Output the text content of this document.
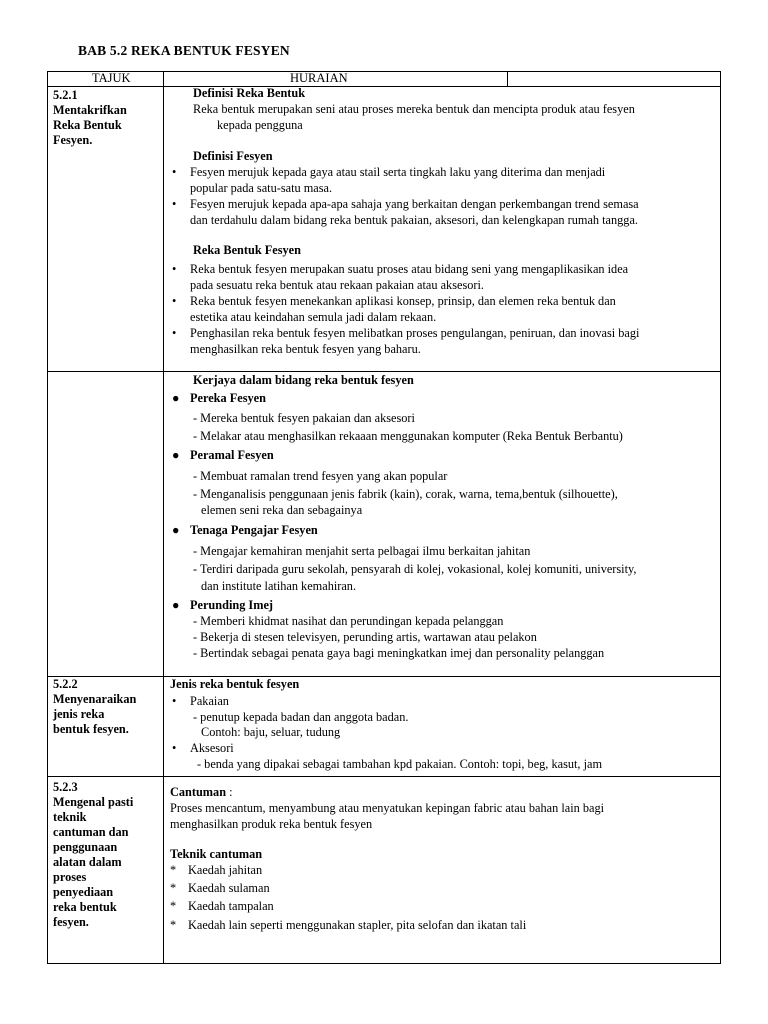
BAB 5.2 REKA BENTUK FESYEN
TAJUK	HURAIAN
5.2.1
Mentakrifkan
Reka Bentuk
Fesyen.
Definisi Reka Bentuk
Reka bentuk merupakan seni atau proses mereka bentuk dan mencipta produk atau fesyen
kepada pengguna
Definisi Fesyen
• Fesyen merujuk kepada gaya atau stail serta tingkah laku yang diterima dan menjadi
popular pada satu-satu masa.
• Fesyen merujuk kepada apa-apa sahaja yang berkaitan dengan perkembangan trend semasa
dan terdahulu dalam bidang reka bentuk pakaian, aksesori, dan kelengkapan rumah tangga.
Reka Bentuk Fesyen
• Reka bentuk fesyen merupakan suatu proses atau bidang seni yang mengaplikasikan idea
pada sesuatu reka bentuk atau rekaan pakaian atau aksesori.
• Reka bentuk fesyen menekankan aplikasi konsep, prinsip, dan elemen reka bentuk dan
estetika atau keindahan semula jadi dalam rekaan.
• Penghasilan reka bentuk fesyen melibatkan proses pengulangan, peniruan, dan inovasi bagi
menghasilkan reka bentuk fesyen yang baharu.
Kerjaya dalam bidang reka bentuk fesyen
● Pereka Fesyen
- Mereka bentuk fesyen pakaian dan aksesori
- Melakar atau menghasilkan rekaaan menggunakan komputer (Reka Bentuk Berbantu)
● Peramal Fesyen
- Membuat ramalan trend fesyen yang akan popular
- Menganalisis penggunaan jenis fabrik (kain), corak, warna, tema,bentuk (silhouette),
elemen seni reka dan sebagainya
● Tenaga Pengajar Fesyen
- Mengajar kemahiran menjahit serta pelbagai ilmu berkaitan jahitan
- Terdiri daripada guru sekolah, pensyarah di kolej, vokasional, kolej komuniti, university,
dan institute latihan kemahiran.
● Perunding Imej
- Memberi khidmat nasihat dan perundingan kepada pelanggan
- Bekerja di stesen televisyen, perunding artis, wartawan atau pelakon
- Bertindak sebagai penata gaya bagi meningkatkan imej dan personality pelanggan
5.2.2
Menyenaraikan
jenis reka
bentuk fesyen.
Jenis reka bentuk fesyen
• Pakaian
- penutup kepada badan dan anggota badan.
Contoh: baju, seluar, tudung
• Aksesori
- benda yang dipakai sebagai tambahan kpd pakaian. Contoh: topi, beg, kasut, jam
5.2.3
Mengenal pasti
teknik
cantuman dan
penggunaan
alatan dalam
proses
penyediaan
reka bentuk
fesyen.
Cantuman :
Proses mencantum, menyambung atau menyatukan kepingan fabric atau bahan lain bagi
menghasilkan produk reka bentuk fesyen
Teknik cantuman
* Kaedah jahitan
* Kaedah sulaman
* Kaedah tampalan
* Kaedah lain seperti menggunakan stapler, pita selofan dan ikatan tali
